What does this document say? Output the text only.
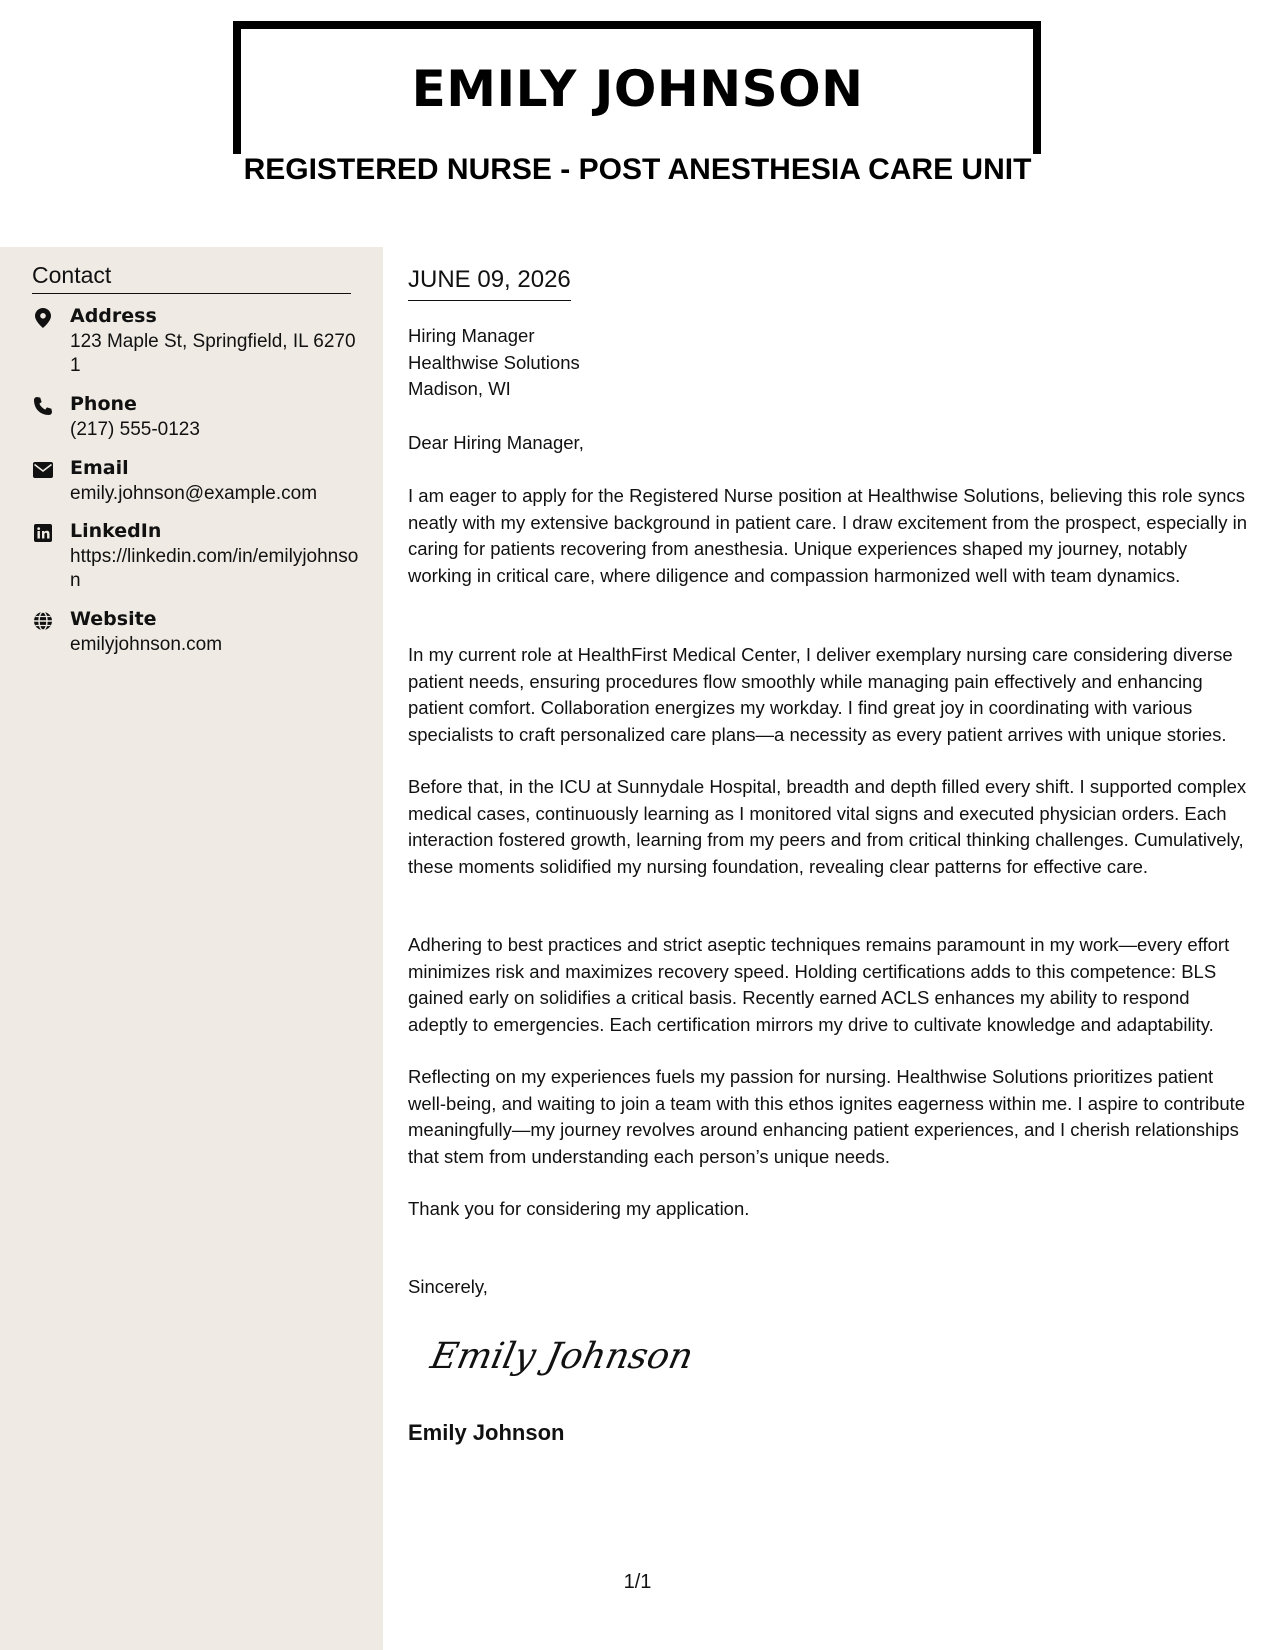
EMILY JOHNSON
REGISTERED NURSE - POST ANESTHESIA CARE UNIT
Contact
Address
123 Maple St, Springfield, IL 62701
Phone
(217) 555-0123
Email
emily.johnson@example.com
LinkedIn
https://linkedin.com/in/emilyjohnson
Website
emilyjohnson.com
JUNE 09, 2026
Hiring Manager
Healthwise Solutions
Madison, WI
Dear Hiring Manager,

I am eager to apply for the Registered Nurse position at Healthwise Solutions, believing this role syncs neatly with my extensive background in patient care. I draw excitement from the prospect, especially in caring for patients recovering from anesthesia. Unique experiences shaped my journey, notably working in critical care, where diligence and compassion harmonized well with team dynamics.

In my current role at HealthFirst Medical Center, I deliver exemplary nursing care considering diverse patient needs, ensuring procedures flow smoothly while managing pain effectively and enhancing patient comfort. Collaboration energizes my workday. I find great joy in coordinating with various specialists to craft personalized care plans—a necessity as every patient arrives with unique stories.

Before that, in the ICU at Sunnydale Hospital, breadth and depth filled every shift. I supported complex medical cases, continuously learning as I monitored vital signs and executed physician orders. Each interaction fostered growth, learning from my peers and from critical thinking challenges. Cumulatively, these moments solidified my nursing foundation, revealing clear patterns for effective care.

Adhering to best practices and strict aseptic techniques remains paramount in my work—every effort minimizes risk and maximizes recovery speed. Holding certifications adds to this competence: BLS gained early on solidifies a critical basis. Recently earned ACLS enhances my ability to respond adeptly to emergencies. Each certification mirrors my drive to cultivate knowledge and adaptability.

Reflecting on my experiences fuels my passion for nursing. Healthwise Solutions prioritizes patient well-being, and waiting to join a team with this ethos ignites eagerness within me. I aspire to contribute meaningfully—my journey revolves around enhancing patient experiences, and I cherish relationships that stem from understanding each person’s unique needs.

Thank you for considering my application.

Sincerely,
Emily Johnson
Emily Johnson
1/1
